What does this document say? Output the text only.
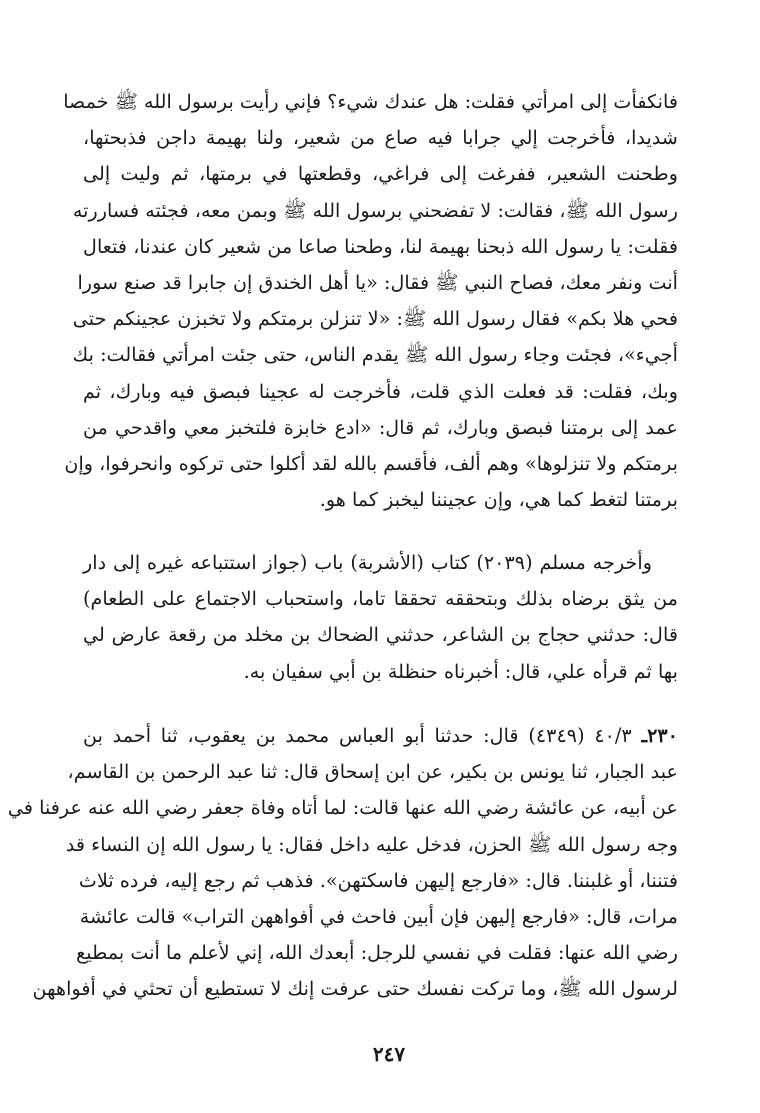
فانكفأت إلى امرأتي فقلت: هل عندك شيء؟ فإني رأيت برسول الله ﷺ خمصا
شديدا، فأخرجت إلي جرابا فيه صاع من شعير، ولنا بهيمة داجن فذبحتها،
وطحنت الشعير، ففرغت إلى فراغي، وقطعتها في برمتها، ثم وليت إلى
رسول الله ﷺ، فقالت: لا تفضحني برسول الله ﷺ وبمن معه، فجئته فساررته
فقلت: يا رسول الله ذبحنا بهيمة لنا، وطحنا صاعا من شعير كان عندنا، فتعال
أنت ونفر معك، فصاح النبي ﷺ فقال: «يا أهل الخندق إن جابرا قد صنع سورا
فحي هلا بكم» فقال رسول الله ﷺ: «لا تنزلن برمتكم ولا تخبزن عجينكم حتى
أجيء»، فجئت وجاء رسول الله ﷺ يقدم الناس، حتى جئت امرأتي فقالت: بك
وبك، فقلت: قد فعلت الذي قلت، فأخرجت له عجينا فبصق فيه وبارك، ثم
عمد إلى برمتنا فبصق وبارك، ثم قال: «ادع خابزة فلتخبز معي واقدحي من
برمتكم ولا تنزلوها» وهم ألف، فأقسم بالله لقد أكلوا حتى تركوه وانحرفوا، وإن
برمتنا لتغط كما هي، وإن عجيننا ليخبز كما هو.
وأخرجه مسلم (٢٠٣٩) كتاب (الأشربة) باب (جواز استتباعه غيره إلى دار
من يثق برضاه بذلك وبتحققه تحققا تاما، واستحباب الاجتماع على الطعام)
قال: حدثني حجاج بن الشاعر، حدثني الضحاك بن مخلد من رقعة عارض لي
بها ثم قرأه علي، قال: أخبرناه حنظلة بن أبي سفيان به.
٢٣٠ـ ٤٠/٣ (٤٣٤٩) قال: حدثنا أبو العباس محمد بن يعقوب، ثنا أحمد بن
عبد الجبار، ثنا يونس بن بكير، عن ابن إسحاق قال: ثنا عبد الرحمن بن القاسم،
عن أبيه، عن عائشة رضي الله عنها قالت: لما أتاه وفاة جعفر رضي الله عنه عرفنا في
وجه رسول الله ﷺ الحزن، فدخل عليه داخل فقال: يا رسول الله إن النساء قد
فتننا، أو غلبننا. قال: «فارجع إليهن فاسكتهن». فذهب ثم رجع إليه، فرده ثلاث
مرات، قال: «فارجع إليهن فإن أبين فاحث في أفواههن التراب» قالت عائشة
رضي الله عنها: فقلت في نفسي للرجل: أبعدك الله، إني لأعلم ما أنت بمطيع
لرسول الله ﷺ، وما تركت نفسك حتى عرفت إنك لا تستطيع أن تحثي في أفواههن
٢٤٧
